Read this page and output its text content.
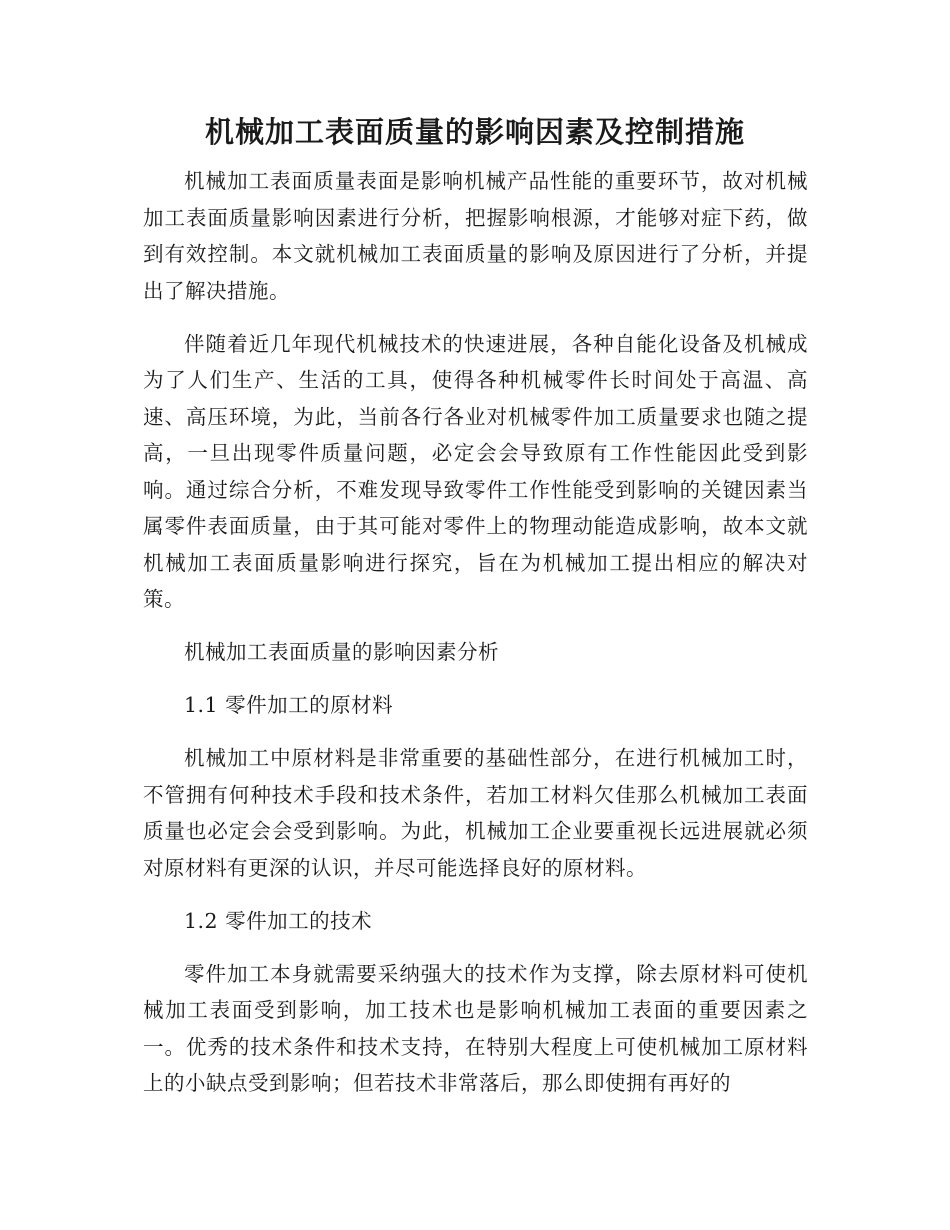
机械加工表面质量的影响因素及控制措施

机械加工表面质量表面是影响机械产品性能的重要环节，故对机械加工表面质量影响因素进行分析，把握影响根源，才能够对症下药，做到有效控制。本文就机械加工表面质量的影响及原因进行了分析，并提出了解决措施。

伴随着近几年现代机械技术的快速进展，各种自能化设备及机械成为了人们生产、生活的工具，使得各种机械零件长时间处于高温、高速、高压环境，为此，当前各行各业对机械零件加工质量要求也随之提高，一旦出现零件质量问题，必定会会导致原有工作性能因此受到影响。通过综合分析，不难发现导致零件工作性能受到影响的关键因素当属零件表面质量，由于其可能对零件上的物理动能造成影响，故本文就机械加工表面质量影响进行探究，旨在为机械加工提出相应的解决对策。

机械加工表面质量的影响因素分析

1.1 零件加工的原材料

机械加工中原材料是非常重要的基础性部分，在进行机械加工时，不管拥有何种技术手段和技术条件，若加工材料欠佳那么机械加工表面质量也必定会会受到影响。为此，机械加工企业要重视长远进展就必须对原材料有更深的认识，并尽可能选择良好的原材料。

1.2 零件加工的技术

零件加工本身就需要采纳强大的技术作为支撑，除去原材料可使机械加工表面受到影响，加工技术也是影响机械加工表面的重要因素之一。优秀的技术条件和技术支持，在特别大程度上可使机械加工原材料上的小缺点受到影响；但若技术非常落后，那么即使拥有再好的
